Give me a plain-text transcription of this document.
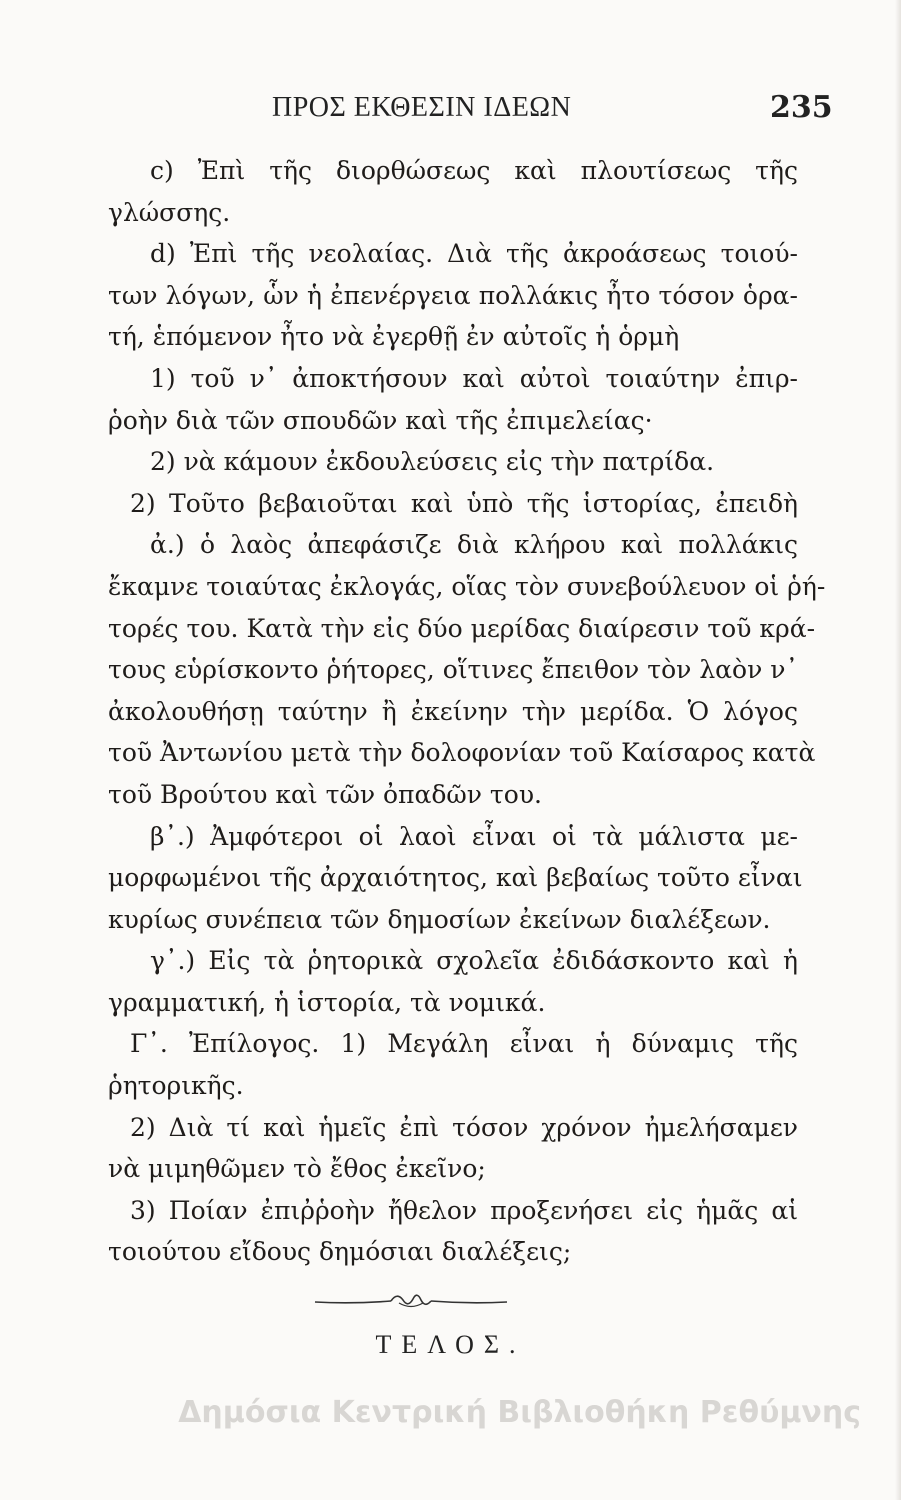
ΠΡΟΣ ΕΚΘΕΣΙΝ ΙΔΕΩΝ	235
c) Ἐπὶ τῆς διορθώσεως καὶ πλουτίσεως τῆς
γλώσσης.
d) Ἐπὶ τῆς νεολαίας. Διὰ τῆς ἀκροάσεως τοιού-
των λόγων, ὧν ἡ ἐπενέργεια πολλάκις ἦτο τόσον ὁρα-
τή, ἑπόμενον ἦτο νὰ ἐγερθῇ ἐν αὐτοῖς ἡ ὁρμὴ
1) τοῦ ν᾽ ἀποκτήσουν καὶ αὐτοὶ τοιαύτην ἐπιρ-
ῥοὴν διὰ τῶν σπουδῶν καὶ τῆς ἐπιμελείας·
2) νὰ κάμουν ἐκδουλεύσεις εἰς τὴν πατρίδα.
2) Τοῦτο βεβαιοῦται καὶ ὑπὸ τῆς ἱστορίας, ἐπειδὴ
ἀ.) ὁ λαὸς ἀπεφάσιζε διὰ κλήρου καὶ πολλάκις
ἔκαμνε τοιαύτας ἐκλογάς, οἵας τὸν συνεβούλευον οἱ ῥή-
τορές του. Κατὰ τὴν εἰς δύο μερίδας διαίρεσιν τοῦ κρά-
τους εὑρίσκοντο ῥήτορες, οἵτινες ἔπειθον τὸν λαὸν ν᾽
ἀκολουθήσῃ ταύτην ἢ ἐκείνην τὴν μερίδα. Ὁ λόγος
τοῦ Ἀντωνίου μετὰ τὴν δολοφονίαν τοῦ Καίσαρος κατὰ
τοῦ Βρούτου καὶ τῶν ὀπαδῶν του.
β᾽.) Ἀμφότεροι οἱ λαοὶ εἶναι οἱ τὰ μάλιστα με-
μορφωμένοι τῆς ἀρχαιότητος, καὶ βεβαίως τοῦτο εἶναι
κυρίως συνέπεια τῶν δημοσίων ἐκείνων διαλέξεων.
γ᾽.) Εἰς τὰ ῥητορικὰ σχολεῖα ἐδιδάσκοντο καὶ ἡ
γραμματική, ἡ ἱστορία, τὰ νομικά.
Γ᾽. Ἐπίλογος. 1) Μεγάλη εἶναι ἡ δύναμις τῆς
ῥητορικῆς.
2) Διὰ τί καὶ ἡμεῖς ἐπὶ τόσον χρόνον ἠμελήσαμεν
νὰ μιμηθῶμεν τὸ ἔθος ἐκεῖνο;
3) Ποίαν ἐπιῤῥοὴν ἤθελον προξενήσει εἰς ἡμᾶς αἱ
τοιούτου εἴδους δημόσιαι διαλέξεις;
ΤΕΛΟΣ.
Δημόσια Κεντρική Βιβλιοθήκη Ρεθύμνης
